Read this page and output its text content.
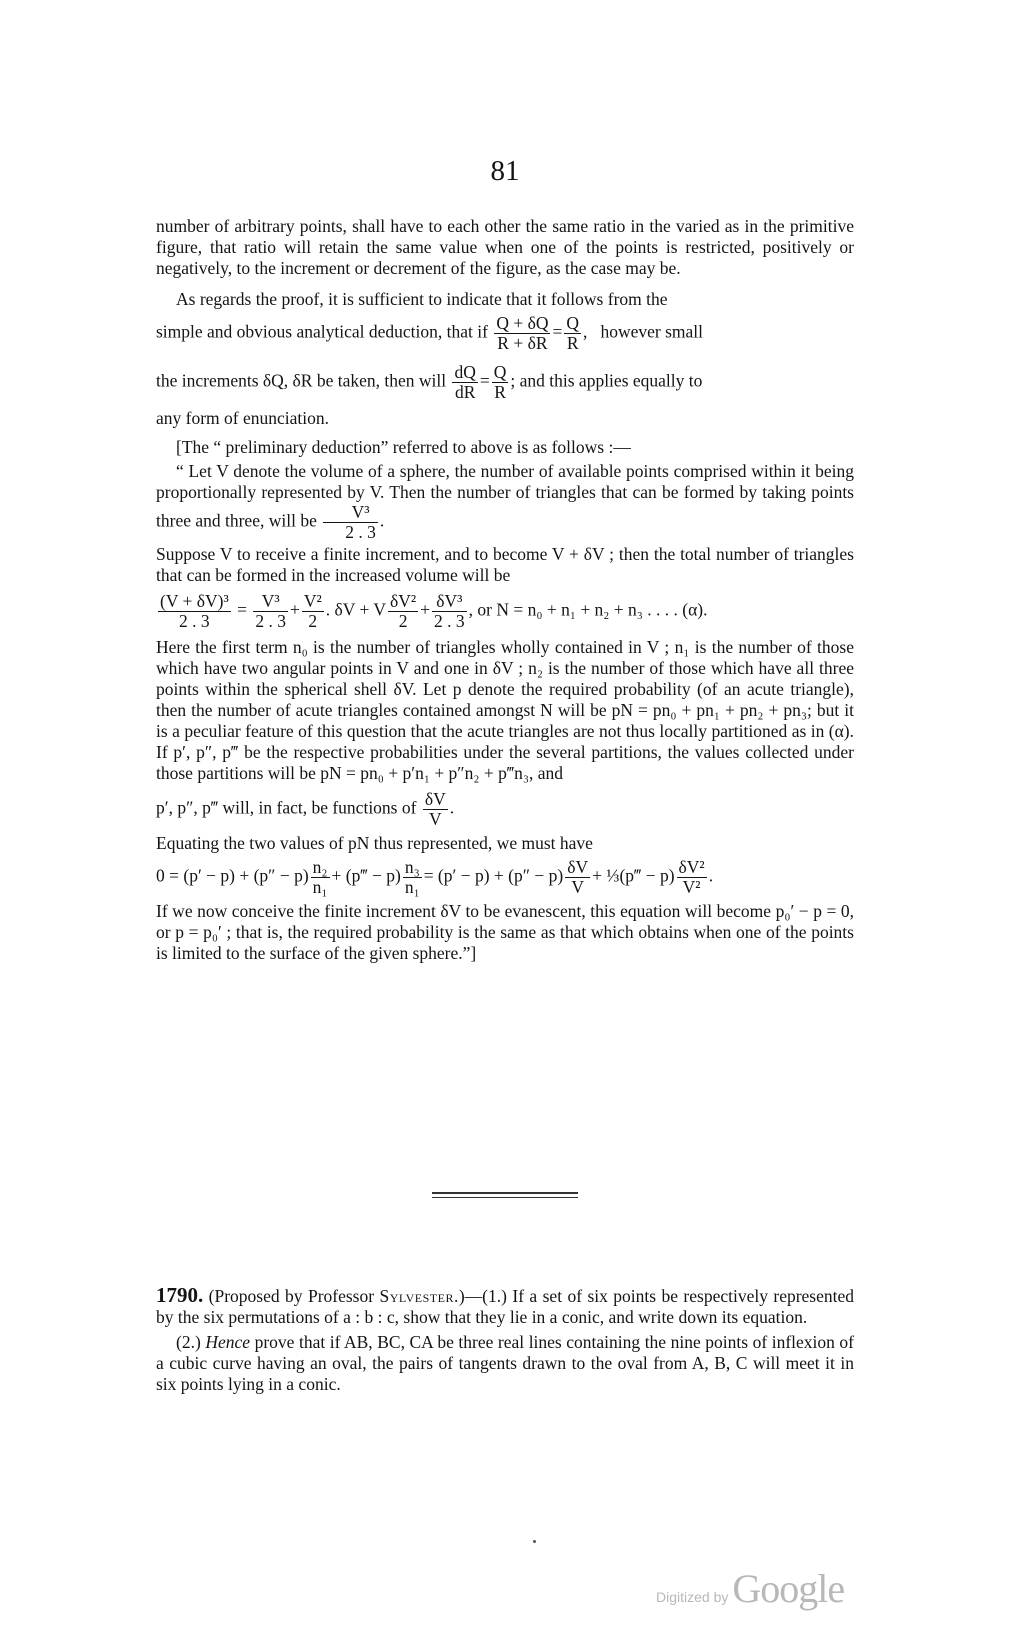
81

number of arbitrary points, shall have to each other the same ratio in the varied as in the primitive figure, that ratio will retain the same value when one of the points is restricted, positively or negatively, to the increment or decrement of the figure, as the case may be.

As regards the proof, it is sufficient to indicate that it follows from the

simple and obvious analytical deduction, that if $\frac{Q + \delta Q}{R + \delta R} = \frac{Q}{R}$ ,   however small

the increments δQ, δR be taken, then will $\frac{dQ}{dR} = \frac{Q}{R}$ ; and this applies equally to

any form of enunciation.

[The “ preliminary deduction” referred to above is as follows :—

“ Let V denote the volume of a sphere, the number of available points comprised within it being proportionally represented by V. Then the number of triangles that can be formed by taking points three and three, will be $\frac{\text{V³}}{2 . 3}$ .

Suppose V to receive a finite increment, and to become V + δV ; then the total number of triangles that can be formed in the increased volume will be

$\frac{\text{(V + δV)³}}{2 . 3} = \frac{\text{V³}}{2 . 3} + \frac{\text{V²}}{2}$ . δV + V $\frac{\text{δV²}}{2} + \frac{\text{δV³}}{2 . 3}$ , or N = n₀ + n₁ + n₂ + n₃ . . . . (α).

Here the first term n₀ is the number of triangles wholly contained in V ; n₁ is the number of those which have two angular points in V and one in δV ; n₂ is the number of those which have all three points within the spherical shell δV. Let p denote the required probability (of an acute triangle), then the number of acute triangles contained amongst N will be pN = pn₀ + pn₁ + pn₂ + pn₃; but it is a peculiar feature of this question that the acute triangles are not thus locally partitioned as in (α). If p′, p″, p‴ be the respective probabilities under the several partitions, the values collected under those partitions will be pN = pn₀ + p′n₁ + p″n₂ + p‴n₃, and

p′, p″, p‴ will, in fact, be functions of $\frac{\delta V}{V}$ .

Equating the two values of pN thus represented, we must have

$0 = (p' - p) + (p'' - p) \frac{\text{n₂}}{\text{n₁}}$ + (p‴ − $p) \frac{\text{n₃}}{\text{n₁}} = (p' - p) + (p'' - p) \frac{\delta V}{V}$ + ⅓(p‴ − $p) \frac{\text{δV²}}{\text{V²}}$ .

If we now conceive the finite increment δV to be evanescent, this equation will become p₀′ − p = 0, or p = p₀′ ; that is, the required probability is the same as that which obtains when one of the points is limited to the surface of the given sphere.”]

1790. (Proposed by Professor Sylvester.)—(1.) If a set of six points be respectively represented by the six permutations of a : b : c, show that they lie in a conic, and write down its equation.

(2.) Hence prove that if AB, BC, CA be three real lines containing the nine points of inflexion of a cubic curve having an oval, the pairs of tangents drawn to the oval from A, B, C will meet it in six points lying in a conic.

Digitized by Google
